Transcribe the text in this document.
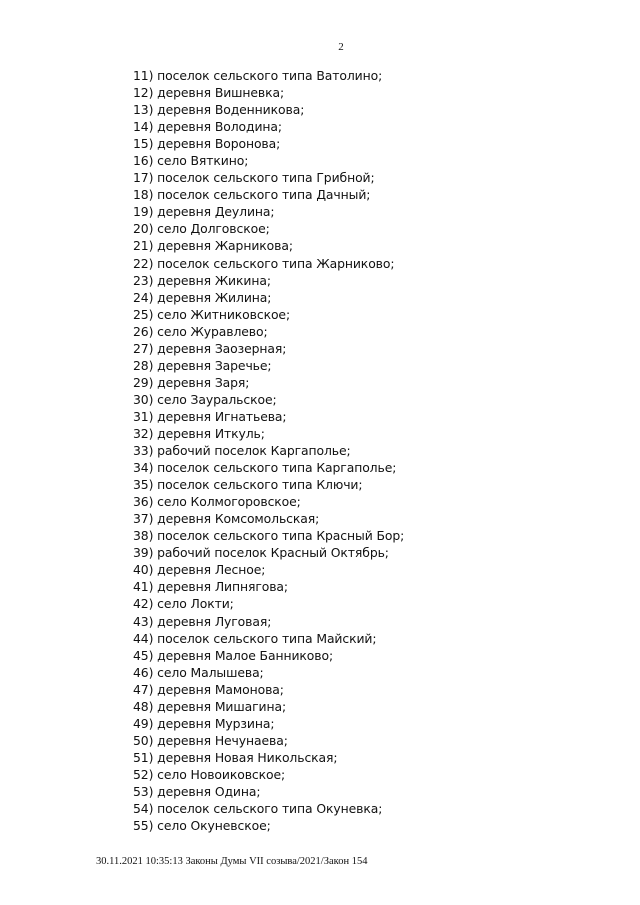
2
11) поселок сельского типа Ватолино;
12) деревня Вишневка;
13) деревня Воденникова;
14) деревня Володина;
15) деревня Воронова;
16) село Вяткино;
17) поселок сельского типа Грибной;
18) поселок сельского типа Дачный;
19) деревня Деулина;
20) село Долговское;
21) деревня Жарникова;
22) поселок сельского типа Жарниково;
23) деревня Жикина;
24) деревня Жилина;
25) село Житниковское;
26) село Журавлево;
27) деревня Заозерная;
28) деревня Заречье;
29) деревня Заря;
30) село Зауральское;
31) деревня Игнатьева;
32) деревня Иткуль;
33) рабочий поселок Каргаполье;
34) поселок сельского типа Каргаполье;
35) поселок сельского типа Ключи;
36) село Колмогоровское;
37) деревня Комсомольская;
38) поселок сельского типа Красный Бор;
39) рабочий поселок Красный Октябрь;
40) деревня Лесное;
41) деревня Липнягова;
42) село Локти;
43) деревня Луговая;
44) поселок сельского типа Майский;
45) деревня Малое Банниково;
46) село Малышева;
47) деревня Мамонова;
48) деревня Мишагина;
49) деревня Мурзина;
50) деревня Нечунаева;
51) деревня Новая Никольская;
52) село Новоиковское;
53) деревня Одина;
54) поселок сельского типа Окуневка;
55) село Окуневское;
30.11.2021 10:35:13 Законы Думы VII созыва/2021/Закон 154
